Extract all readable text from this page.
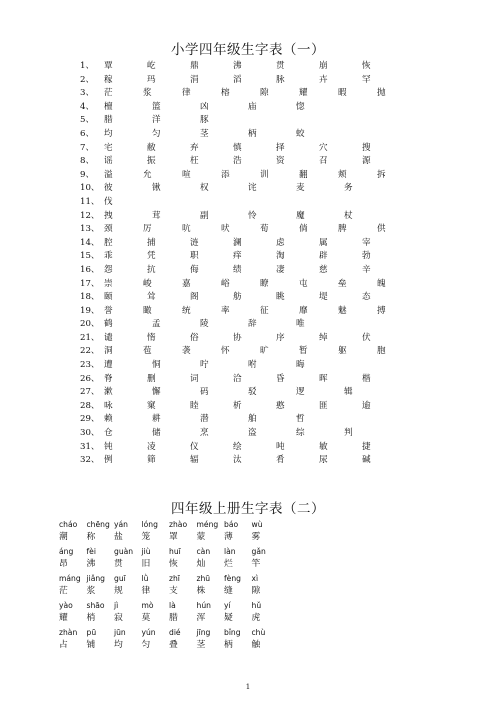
小学四年级生字表（一）
1、 覃	屹	鼎	沸	贯	崩	恢
2、 稼	玛	涓	滔	脉	卉	罕
3、 茫	浆	律	榕	隙	耀	暇	抛
4、 檀	篮	凶	庙	惚
5、 腊	洋	豚
6、 均	匀	茎	柄	蛟
7、 宅	敝	弃	慎	择	穴	搜
8、 谣	振	枉	浩	资	召	源
9、 溢	允	喧	添	训	翻	颊	拆
10、 彼	锹	权	诧	麦	务
11、 伐
12、 拽	茸	副	怜	魔	杖
13、 颈	厉	吭	吠	荀	倘	脾	供
14、 腔	捕	涟	澜	虑	属	宰
15、 乖	凭	职	痒	淘	辟	勃
16、 怨	抗	侮	绩	凄	慈	辛
17、 崇	峻	嘉	峪	瞭	屯	垒	魄
18、 颐	耸	阁	舫	眺	堤	态
19、 誉	瞰	统	率	征	靡	魅	搏
20、 鹤	孟	陵	辞	唯
21、 谴	惰	俗	协	序	绰	伏
22、 洞	苞	袭	怀	旷	暂	躯	胞
23、 遭	恫	咛	咐	晦
26、 脊	删	词	洽	昏	晖	楷
27、 漱	懈	码	驳	逻	辑
28、 咏	窠	睦	析	憨	匪	逾
29、 赖	耕	潜	舶	哲
30、 仓	储	烹	盗	综	判
31、 钝	凌	仪	绘	吨	敏	捷
32、 例	筛	辐	汰	肴	尿	碱
四年级上册生字表（二）
cháo chēng yán lóng zhào méng báo wù
潮 称 盐 笼 罩 蒙 薄 雾
áng fèi guàn jiù huī càn làn gǎn
昂 沸 贯 旧 恢 灿 烂 竿
máng jiǎng guī lǜ	zhī zhū fèng xì
茫 浆 规 律 支 株 缝 隙
yào shāo jì	mò là	hún yí	hǔ
耀 梢 寂 莫 腊 浑 疑 虎
zhàn pū jūn yún dié jīng bǐng chù
占 铺 均 匀 叠 茎 柄 触
1
